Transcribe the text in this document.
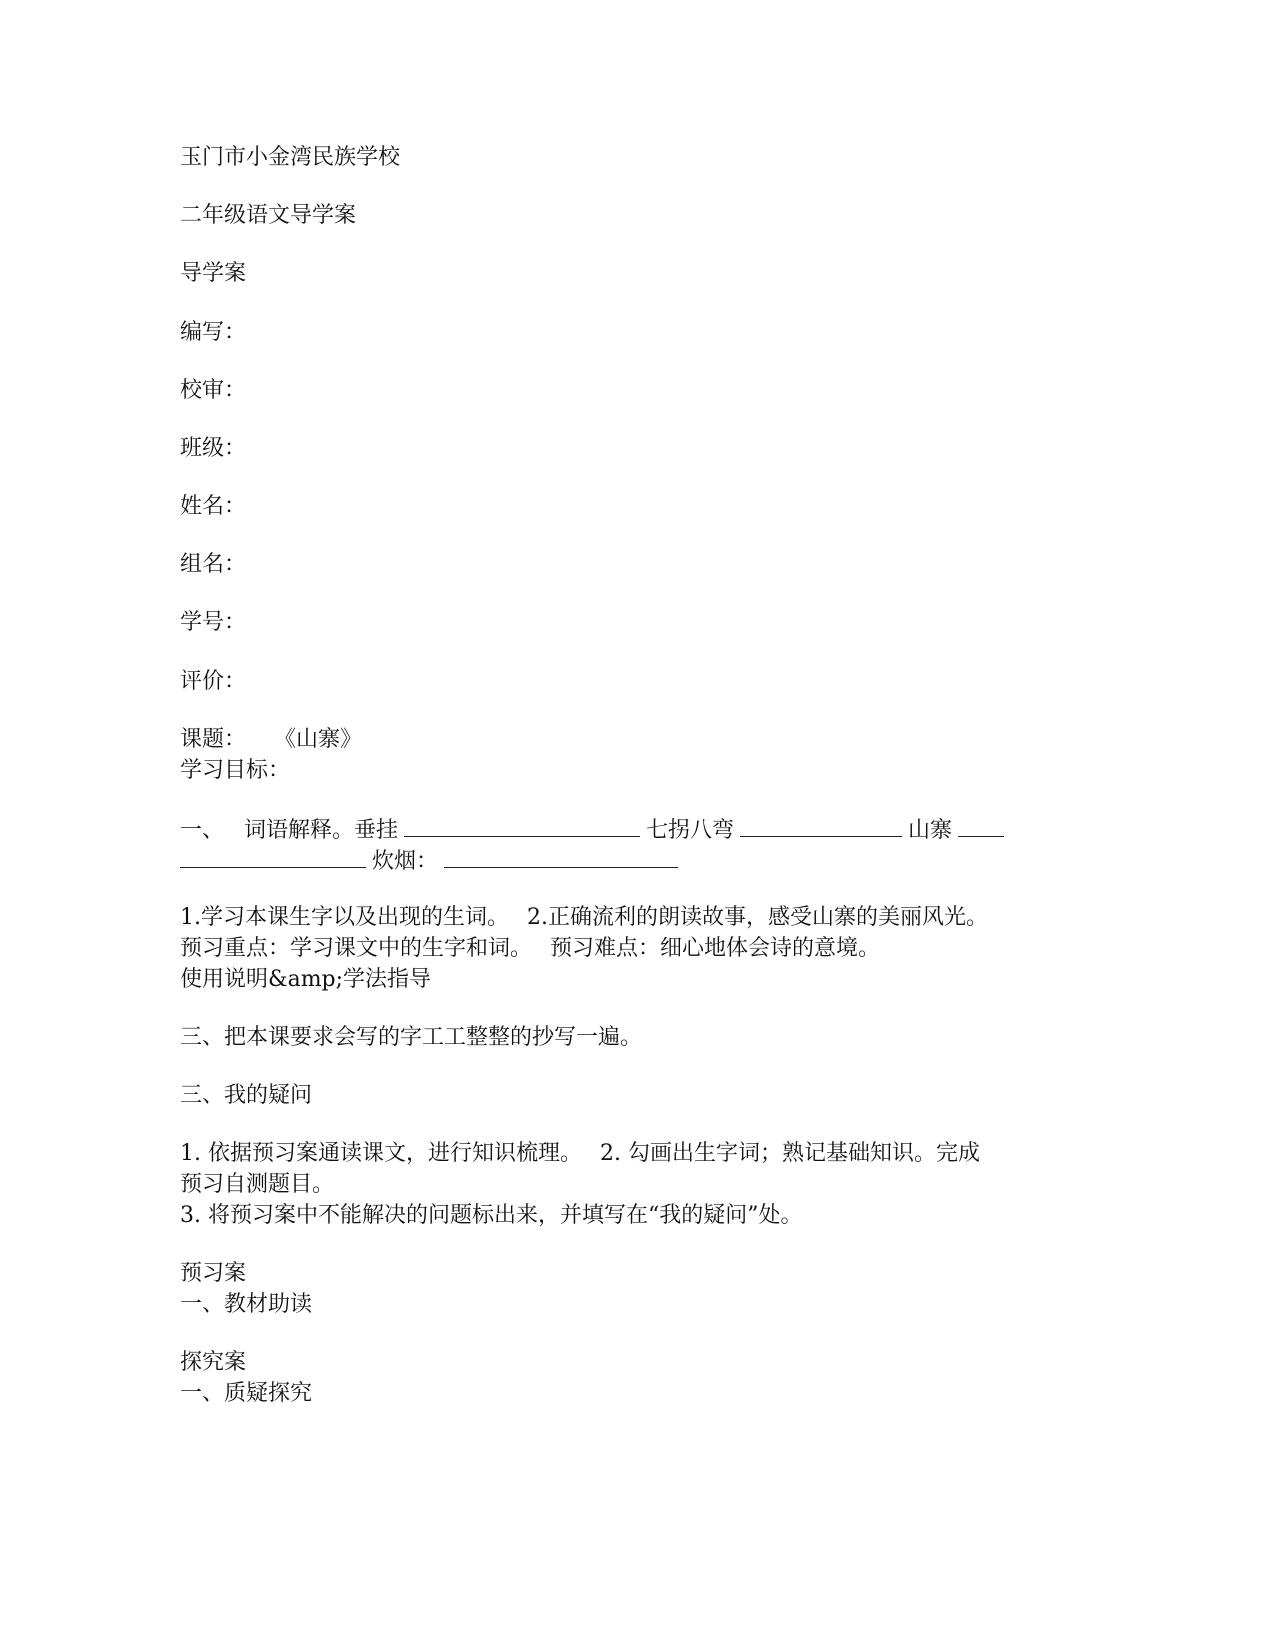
玉门市小金湾民族学校
二年级语文导学案
导学案
编写：
校审：
班级：
姓名：
组名：
学号：
评价：
课题： 《山寨》
学习目标：
一、 词语解释。垂挂	七拐八弯	山寨
炊烟：
1.学习本课生字以及出现的生词。 2.正确流利的朗读故事，感受山寨的美丽风光。
预习重点：学习课文中的生字和词。 预习难点：细心地体会诗的意境。
使用说明&amp;学法指导
三、把本课要求会写的字工工整整的抄写一遍。
三、我的疑问
1. 依据预习案通读课文，进行知识梳理。 2. 勾画出生字词；熟记基础知识。完成
预习自测题目。
3. 将预习案中不能解决的问题标出来，并填写在“我的疑问”处。
预习案
一、教材助读
探究案
一、质疑探究
